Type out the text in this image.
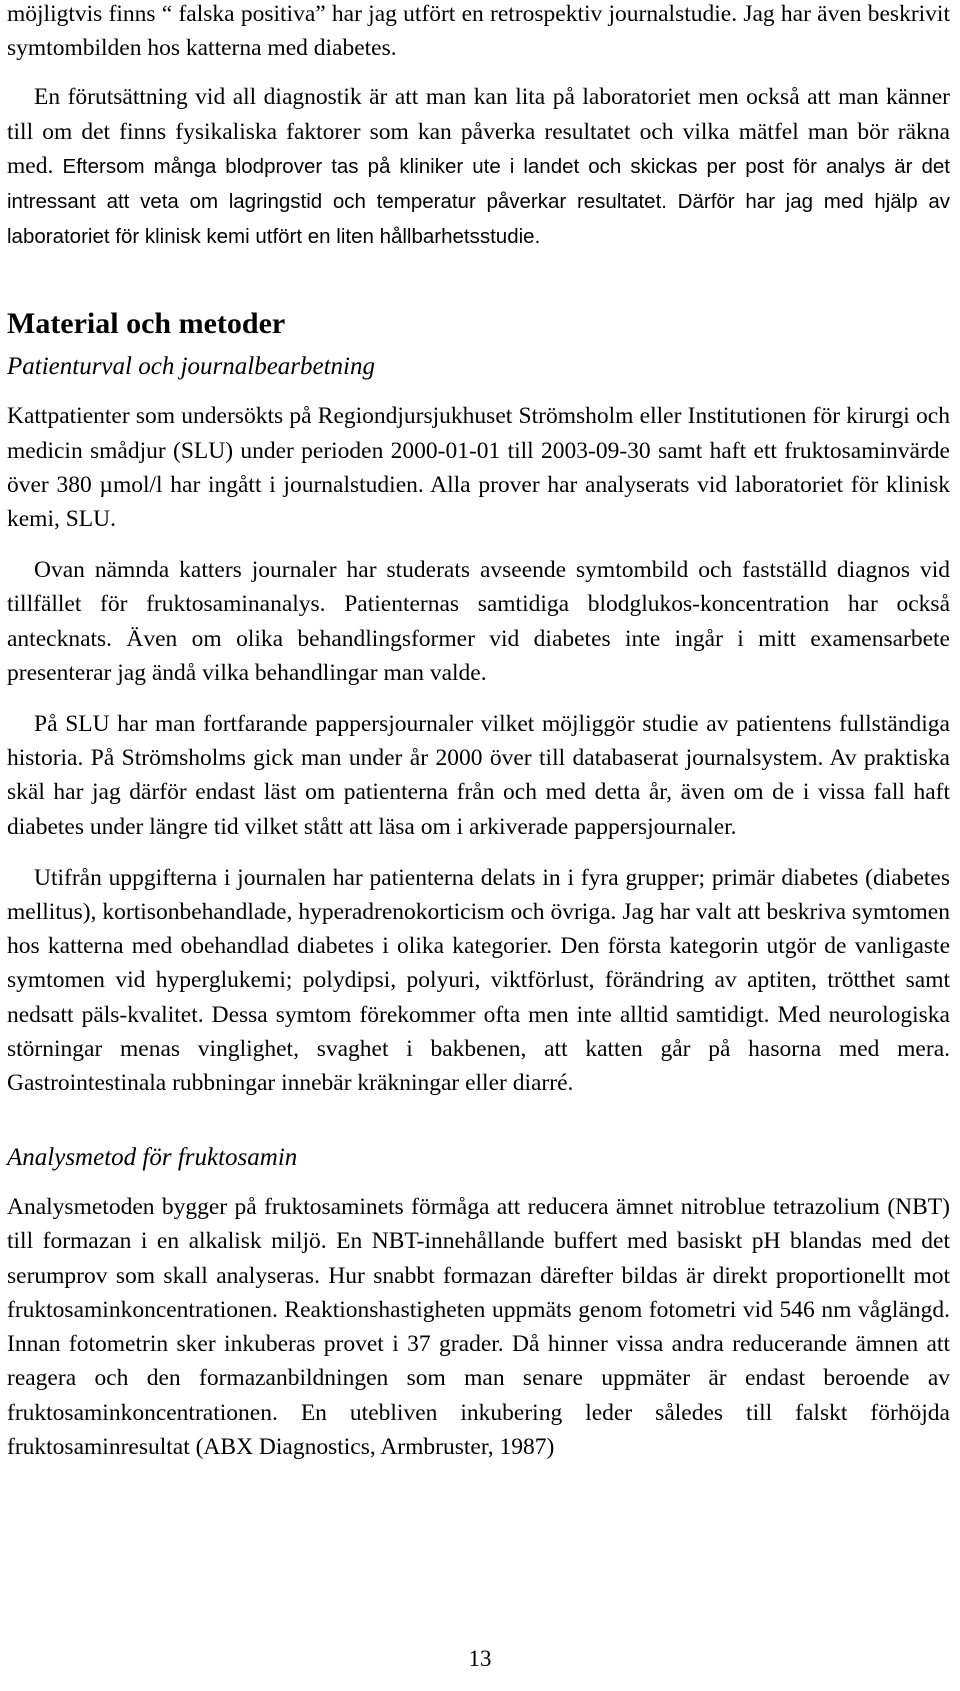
möjligtvis finns “ falska positiva” har jag utfört en retrospektiv journalstudie. Jag har även beskrivit symtombilden hos katterna med diabetes.

En förutsättning vid all diagnostik är att man kan lita på laboratoriet men också att man känner till om det finns fysikaliska faktorer som kan påverka resultatet och vilka mätfel man bör räkna med. Eftersom många blodprover tas på kliniker ute i landet och skickas per post för analys är det intressant att veta om lagringstid och temperatur påverkar resultatet. Därför har jag med hjälp av laboratoriet för klinisk kemi utfört en liten hållbarhetsstudie.

Material och metoder
Patienturval och journalbearbetning

Kattpatienter som undersökts på Regiondjursjukhuset Strömsholm eller Institutionen för kirurgi och medicin smådjur (SLU) under perioden 2000-01-01 till 2003-09-30 samt haft ett fruktosaminvärde över 380 µmol/l har ingått i journalstudien. Alla prover har analyserats vid laboratoriet för klinisk kemi, SLU.

Ovan nämnda katters journaler har studerats avseende symtombild och fastställd diagnos vid tillfället för fruktosaminanalys. Patienternas samtidiga blodglukos-koncentration har också antecknats. Även om olika behandlingsformer vid diabetes inte ingår i mitt examensarbete presenterar jag ändå vilka behandlingar man valde.

På SLU har man fortfarande pappersjournaler vilket möjliggör studie av patientens fullständiga historia. På Strömsholms gick man under år 2000 över till databaserat journalsystem. Av praktiska skäl har jag därför endast läst om patienterna från och med detta år, även om de i vissa fall haft diabetes under längre tid vilket stått att läsa om i arkiverade pappersjournaler.

Utifrån uppgifterna i journalen har patienterna delats in i fyra grupper; primär diabetes (diabetes mellitus), kortisonbehandlade, hyperadrenokorticism och övriga. Jag har valt att beskriva symtomen hos katterna med obehandlad diabetes i olika kategorier. Den första kategorin utgör de vanligaste symtomen vid hyperglukemi; polydipsi, polyuri, viktförlust, förändring av aptiten, trötthet samt nedsatt päls-kvalitet. Dessa symtom förekommer ofta men inte alltid samtidigt. Med neurologiska störningar menas vinglighet, svaghet i bakbenen, att katten går på hasorna med mera. Gastrointestinala rubbningar innebär kräkningar eller diarré.

Analysmetod för fruktosamin

Analysmetoden bygger på fruktosaminets förmåga att reducera ämnet nitroblue tetrazolium (NBT) till formazan i en alkalisk miljö. En NBT-innehållande buffert med basiskt pH blandas med det serumprov som skall analyseras. Hur snabbt formazan därefter bildas är direkt proportionellt mot fruktosaminkoncentrationen. Reaktionshastigheten uppmäts genom fotometri vid 546 nm våglängd. Innan fotometrin sker inkuberas provet i 37 grader. Då hinner vissa andra reducerande ämnen att reagera och den formazanbildningen som man senare uppmäter är endast beroende av fruktosaminkoncentrationen. En utebliven inkubering leder således till falskt förhöjda fruktosaminresultat (ABX Diagnostics, Armbruster, 1987)

13
